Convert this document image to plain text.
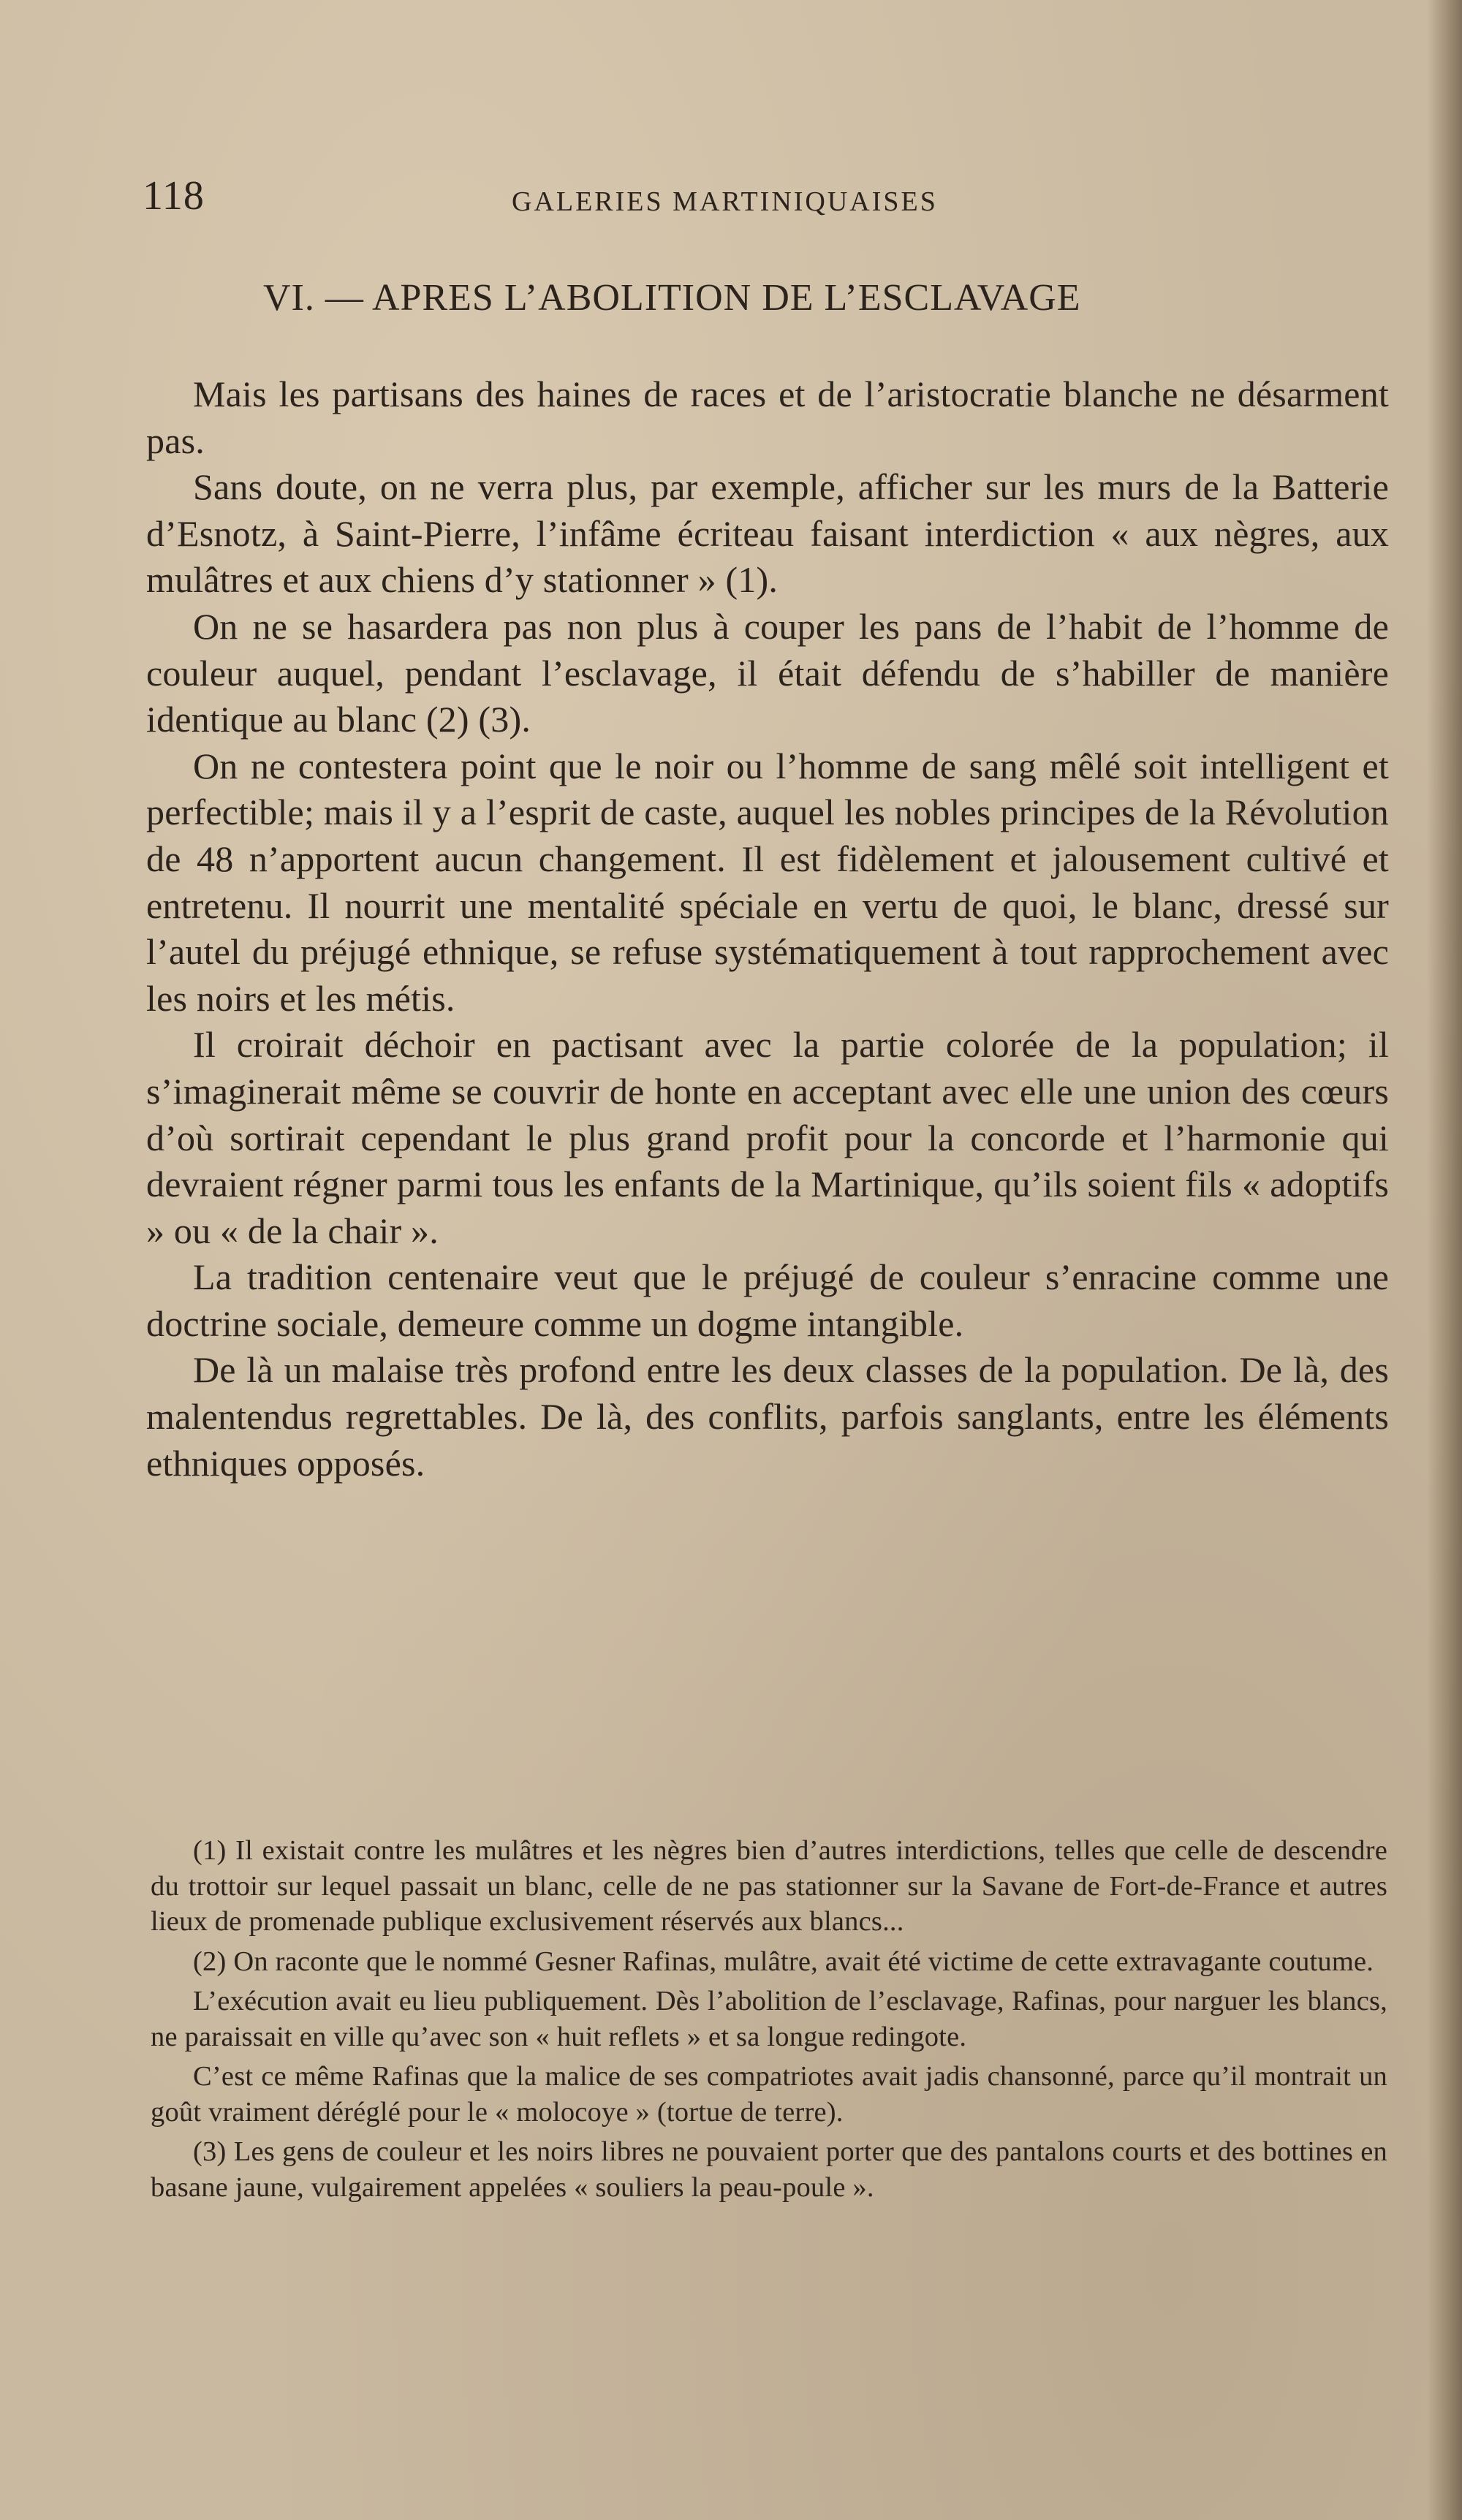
118	GALERIES MARTINIQUAISES
VI. — APRES L’ABOLITION DE L’ESCLAVAGE

Mais les partisans des haines de races et de l’aristocratie blanche ne désarment pas.

Sans doute, on ne verra plus, par exemple, afficher sur les murs de la Batterie d’Esnotz, à Saint-Pierre, l’infâme écriteau faisant interdiction « aux nègres, aux mulâtres et aux chiens d’y stationner » (1).

On ne se hasardera pas non plus à couper les pans de l’habit de l’homme de couleur auquel, pendant l’esclavage, il était défendu de s’habiller de manière identique au blanc (2) (3).

On ne contestera point que le noir ou l’homme de sang mêlé soit intelligent et perfectible; mais il y a l’esprit de caste, auquel les nobles principes de la Révolution de 48 n’apportent aucun changement. Il est fidèlement et jalousement cultivé et entretenu. Il nourrit une mentalité spéciale en vertu de quoi, le blanc, dressé sur l’autel du préjugé ethnique, se refuse systématiquement à tout rapprochement avec les noirs et les métis.

Il croirait déchoir en pactisant avec la partie colorée de la population; il s’imaginerait même se couvrir de honte en acceptant avec elle une union des cœurs d’où sortirait cependant le plus grand profit pour la concorde et l’harmonie qui devraient régner parmi tous les enfants de la Martinique, qu’ils soient fils « adoptifs » ou « de la chair ».

La tradition centenaire veut que le préjugé de couleur s’enracine comme une doctrine sociale, demeure comme un dogme intangible.

De là un malaise très profond entre les deux classes de la population. De là, des malentendus regrettables. De là, des conflits, parfois sanglants, entre les éléments ethniques opposés.

(1) Il existait contre les mulâtres et les nègres bien d’autres interdictions, telles que celle de descendre du trottoir sur lequel passait un blanc, celle de ne pas stationner sur la Savane de Fort-de-France et autres lieux de promenade publique exclusivement réservés aux blancs...

(2) On raconte que le nommé Gesner Rafinas, mulâtre, avait été victime de cette extravagante coutume.

L’exécution avait eu lieu publiquement. Dès l’abolition de l’esclavage, Rafinas, pour narguer les blancs, ne paraissait en ville qu’avec son « huit reflets » et sa longue redingote.

C’est ce même Rafinas que la malice de ses compatriotes avait jadis chansonné, parce qu’il montrait un goût vraiment déréglé pour le « molocoye » (tortue de terre).

(3) Les gens de couleur et les noirs libres ne pouvaient porter que des pantalons courts et des bottines en basane jaune, vulgairement appelées « souliers la peau-poule ».
